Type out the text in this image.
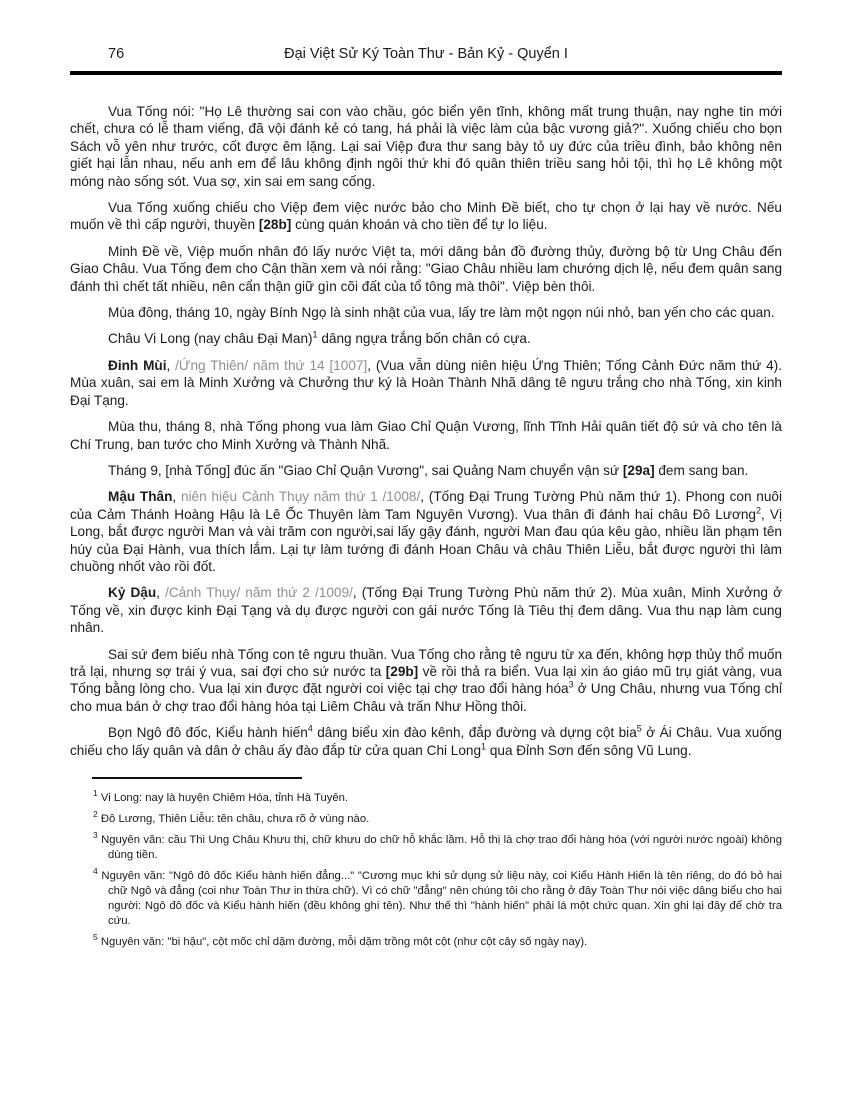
76	Đại Việt Sử Ký Toàn Thư - Bản Kỷ - Quyển I

Vua Tống nói: "Họ Lê thường sai con vào chầu, góc biển yên tĩnh, không mất trung thuận, nay nghe tin mới chết, chưa có lễ tham viếng, đã vội đánh kẻ có tang, há phải là việc làm của bậc vương giả?". Xuống chiếu cho bọn Sách vỗ yên như trước, cốt được êm lặng. Lại sai Việp đưa thư sang bày tỏ uy đức của triều đình, bảo không nên giết hại lẫn nhau, nếu anh em để lâu không định ngôi thứ khi đó quân thiên triều sang hỏi tội, thì họ Lê không một móng nào sống sót. Vua sợ, xin sai em sang cống.

Vua Tống xuống chiếu cho Việp đem việc nước bảo cho Minh Đề biết, cho tự chọn ở lại hay về nước. Nếu muốn về thì cấp người, thuyền [28b] cùng quán khoán và cho tiền để tự lo liệu.

Minh Đề về, Việp muốn nhân đó lấy nước Việt ta, mới dâng bản đồ đường thủy, đường bộ từ Ung Châu đến Giao Châu. Vua Tống đem cho Cận thần xem và nói rằng: "Giao Châu nhiều lam chướng dịch lệ, nếu đem quân sang đánh thì chết tất nhiều, nên cẩn thận giữ gìn cõi đất của tổ tông mà thôi". Việp bèn thôi.

Mùa đông, tháng 10, ngày Bính Ngọ là sinh nhật của vua, lấy tre làm một ngọn núi nhỏ, ban yến cho các quan.

Châu Vi Long (nay châu Đại Man)$^1$ dâng ngựa trắng bốn chân có cựa.

Đinh Mùi, /Ứng Thiên/ năm thứ 14 [1007], (Vua vẫn dùng niên hiệu Ứng Thiên; Tống Cảnh Đức năm thứ 4). Mùa xuân, sai em là Minh Xưởng và Chưởng thư ký là Hoàn Thành Nhã dâng tê ngưu trắng cho nhà Tống, xin kinh Đại Tạng.

Mùa thu, tháng 8, nhà Tống phong vua làm Giao Chỉ Quận Vương, lĩnh Tĩnh Hải quân tiết độ sứ và cho tên là Chí Trung, ban tước cho Minh Xưởng và Thành Nhã.

Tháng 9, [nhà Tống] đúc ấn "Giao Chỉ Quận Vương", sai Quảng Nam chuyển vận sứ [29a] đem sang ban.

Mậu Thân, niên hiệu Cảnh Thụy năm thứ 1 /1008/, (Tống Đại Trung Tường Phù năm thứ 1). Phong con nuôi của Cảm Thánh Hoàng Hậu là Lê Ốc Thuyên làm Tam Nguyên Vương). Vua thân đi đánh hai châu Đô Lương$^2$, Vị Long, bắt được người Man và vài trăm con người,sai lấy gậy đánh, người Man đau qúa kêu gào, nhiều lần phạm tên húy của Đại Hành, vua thích lắm. Lại tự làm tướng đi đánh Hoan Châu và châu Thiên Liễu, bắt được người thì làm chuồng nhốt vào rồi đốt.

Kỷ Dậu, /Cảnh Thụy/ năm thứ 2 /1009/, (Tống Đại Trung Tường Phù năm thứ 2). Mùa xuân, Minh Xưởng ở Tống về, xin được kinh Đại Tạng và dụ được người con gái nước Tống là Tiêu thị đem dâng. Vua thu nạp làm cung nhân.

Sai sứ đem biếu nhà Tống con tê ngưu thuần. Vua Tống cho rằng tê ngưu từ xa đến, không hợp thủy thổ muốn trả lại, nhưng sợ trái ý vua, sai đợi cho sứ nước ta [29b] về rồi thả ra biển. Vua lại xin áo giáo mũ trụ giát vàng, vua Tống bằng lòng cho. Vua lại xin được đặt người coi việc tại chợ trao đổi hàng hóa$^3$ ở Ung Châu, nhưng vua Tống chỉ cho mua bán ở chợ trao đổi hàng hóa tại Liêm Châu và trấn Như Hồng thôi.

Bọn Ngô đô đốc, Kiểu hành hiến$^4$ dâng biểu xin đào kênh, đắp đường và dựng cột bia$^5$ ở Ái Châu. Vua xuống chiếu cho lấy quân và dân ở châu ấy đào đắp từ cửa quan Chi Long$^1$ qua Đỉnh Sơn đến sông Vũ Lung.

$^1$ Vi Long: nay là huyện Chiêm Hóa, tỉnh Hà Tuyên.

$^2$ Đô Lương, Thiên Liễu: tên châu, chưa rõ ở vùng nào.

$^3$ Nguyên văn: cầu Thi Ung Châu Khưu thị, chữ khưu do chữ hỗ khắc lầm. Hỗ thị là chợ trao đổi hàng hóa (với người nước ngoài) không dùng tiền.

$^4$ Nguyên văn: "Ngô đô đốc Kiểu hành hiến đẳng..." "Cương mục khi sử dụng sử liệu này, coi Kiểu Hành Hiến là tên riêng, do đó bỏ hai chữ Ngô và đẳng (coi như Toàn Thư in thừa chữ). Vì có chữ "đẳng" nên chúng tôi cho rằng ở đây Toàn Thư nói việc dâng biểu cho hai người: Ngô đô đốc và Kiểu hành hiến (đều không ghi tên). Như thế thì "hành hiến" phải lá một chức quan. Xin ghi lại đây để chờ tra cứu.

$^5$ Nguyên văn: "bi hậu", cột mốc chỉ dặm đường, mỗi dặm trồng một cột (như cột cây số ngày nay).
